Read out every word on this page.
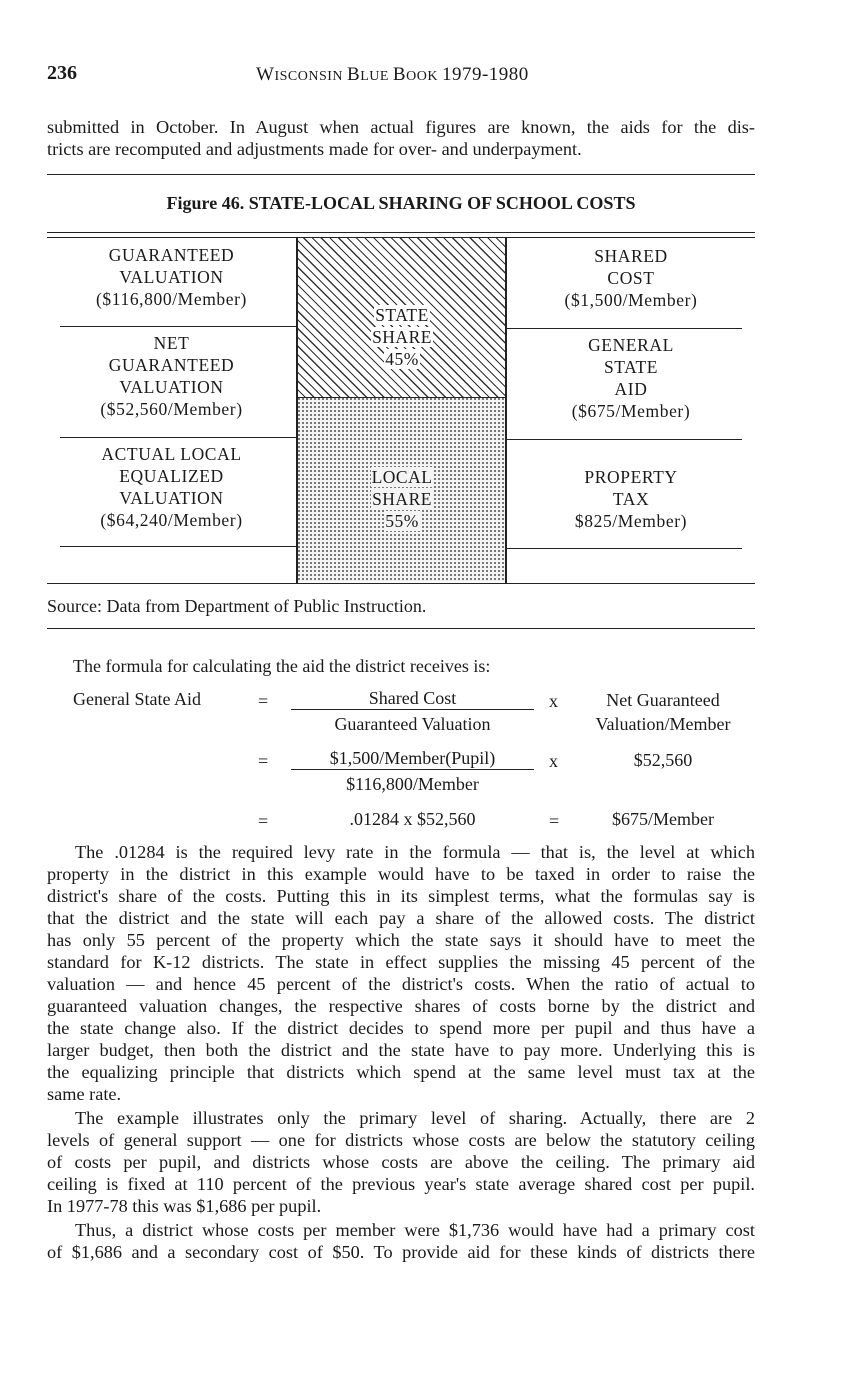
236	WISCONSIN BLUE BOOK 1979-1980
submitted in October. In August when actual figures are known, the aids for the dis-
tricts are recomputed and adjustments made for over- and underpayment.
Figure 46. STATE-LOCAL SHARING OF SCHOOL COSTS
STATE
SHARE
45%
LOCAL
SHARE
55%
GUARANTEED
VALUATION
($116,800/Member)
NET
GUARANTEED
VALUATION
($52,560/Member)
ACTUAL LOCAL
EQUALIZED
VALUATION
($64,240/Member)
SHARED
COST
($1,500/Member)
GENERAL
STATE
AID
($675/Member)
PROPERTY
TAX
$825/Member)
Source: Data from Department of Public Instruction.
The formula for calculating the aid the district receives is:
General State Aid	=	Shared Cost
Guaranteed Valuation
x	Net Guaranteed
Valuation/Member
=	$1,500/Member(Pupil)
$116,800/Member
x	$52,560
=	.01284 x $52,560	=	$675/Member
The .01284 is the required levy rate in the formula — that is, the level at which
property in the district in this example would have to be taxed in order to raise the
district's share of the costs. Putting this in its simplest terms, what the formulas say is
that the district and the state will each pay a share of the allowed costs. The district
has only 55 percent of the property which the state says it should have to meet the
standard for K-12 districts. The state in effect supplies the missing 45 percent of the
valuation — and hence 45 percent of the district's costs. When the ratio of actual to
guaranteed valuation changes, the respective shares of costs borne by the district and
the state change also. If the district decides to spend more per pupil and thus have a
larger budget, then both the district and the state have to pay more. Underlying this is
the equalizing principle that districts which spend at the same level must tax at the
same rate.
The example illustrates only the primary level of sharing. Actually, there are 2
levels of general support — one for districts whose costs are below the statutory ceiling
of costs per pupil, and districts whose costs are above the ceiling. The primary aid
ceiling is fixed at 110 percent of the previous year's state average shared cost per pupil.
In 1977-78 this was $1,686 per pupil.
Thus, a district whose costs per member were $1,736 would have had a primary cost
of $1,686 and a secondary cost of $50. To provide aid for these kinds of districts there
